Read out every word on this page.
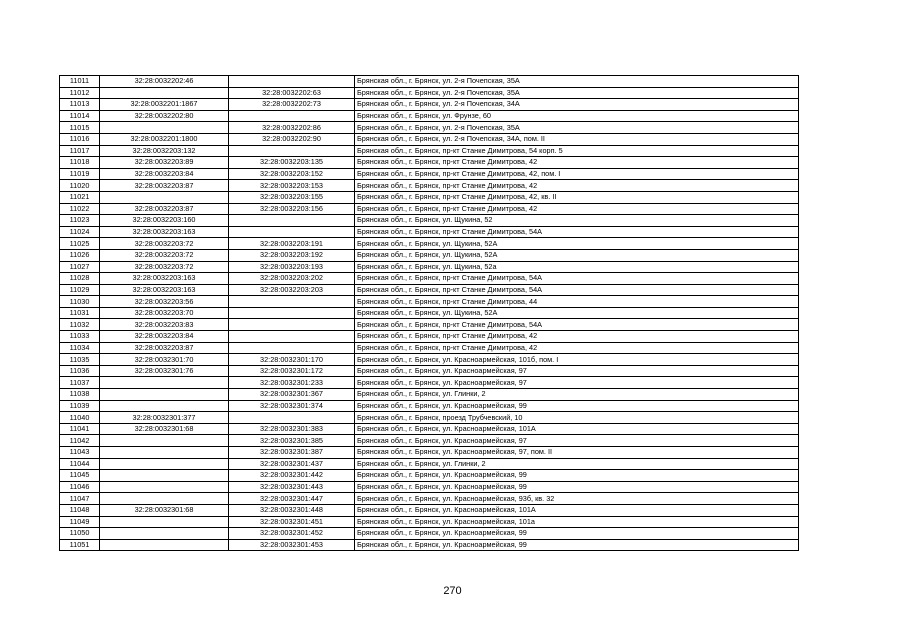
11011	32:28:0032202:46		Брянская обл., г. Брянск, ул. 2-я Почепская, 35А
11012		32:28:0032202:63	Брянская обл., г. Брянск, ул. 2-я Почепская, 35А
11013	32:28:0032201:1867	32:28:0032202:73	Брянская обл., г. Брянск, ул. 2-я Почепская, 34А
11014	32:28:0032202:80		Брянская обл., г. Брянск, ул. Фрунзе, 60
11015		32:28:0032202:86	Брянская обл., г. Брянск, ул. 2-я Почепская, 35А
11016	32:28:0032201:1800	32:28:0032202:90	Брянская обл., г. Брянск, ул. 2-я Почепская, 34А, пом. II
11017	32:28:0032203:132		Брянская обл., г. Брянск, пр-кт Станке Димитрова, 54 корп. 5
11018	32:28:0032203:89	32:28:0032203:135	Брянская обл., г. Брянск, пр-кт Станке Димитрова, 42
11019	32:28:0032203:84	32:28:0032203:152	Брянская обл., г. Брянск, пр-кт Станке Димитрова, 42, пом. I
11020	32:28:0032203:87	32:28:0032203:153	Брянская обл., г. Брянск, пр-кт Станке Димитрова, 42
11021		32:28:0032203:155	Брянская обл., г. Брянск, пр-кт Станке Димитрова, 42, кв. II
11022	32:28:0032203:87	32:28:0032203:156	Брянская обл., г. Брянск, пр-кт Станке Димитрова, 42
11023	32:28:0032203:160		Брянская обл., г. Брянск, ул. Щукина, 52
11024	32:28:0032203:163		Брянская обл., г. Брянск, пр-кт Станке Димитрова, 54А
11025	32:28:0032203:72	32:28:0032203:191	Брянская обл., г. Брянск, ул. Щукина, 52А
11026	32:28:0032203:72	32:28:0032203:192	Брянская обл., г. Брянск, ул. Щукина, 52А
11027	32:28:0032203:72	32:28:0032203:193	Брянская обл., г. Брянск, ул. Щукина, 52а
11028	32:28:0032203:163	32:28:0032203:202	Брянская обл., г. Брянск, пр-кт Станке Димитрова, 54А
11029	32:28:0032203:163	32:28:0032203:203	Брянская обл., г. Брянск, пр-кт Станке Димитрова, 54А
11030	32:28:0032203:56		Брянская обл., г. Брянск, пр-кт Станке Димитрова, 44
11031	32:28:0032203:70		Брянская обл., г. Брянск, ул. Щукина, 52А
11032	32:28:0032203:83		Брянская обл., г. Брянск, пр-кт Станке Димитрова, 54А
11033	32:28:0032203:84		Брянская обл., г. Брянск, пр-кт Станке Димитрова, 42
11034	32:28:0032203:87		Брянская обл., г. Брянск, пр-кт Станке Димитрова, 42
11035	32:28:0032301:70	32:28:0032301:170	Брянская обл., г. Брянск, ул. Красноармейская, 101б, пом. I
11036	32:28:0032301:76	32:28:0032301:172	Брянская обл., г. Брянск, ул. Красноармейская, 97
11037		32:28:0032301:233	Брянская обл., г. Брянск, ул. Красноармейская, 97
11038		32:28:0032301:367	Брянская обл., г. Брянск, ул. Глинки, 2
11039		32:28:0032301:374	Брянская обл., г. Брянск, ул. Красноармейская, 99
11040	32:28:0032301:377		Брянская обл., г. Брянск, проезд Трубчевский, 10
11041	32:28:0032301:68	32:28:0032301:383	Брянская обл., г. Брянск, ул. Красноармейская, 101А
11042		32:28:0032301:385	Брянская обл., г. Брянск, ул. Красноармейская, 97
11043		32:28:0032301:387	Брянская обл., г. Брянск, ул. Красноармейская, 97, пом. II
11044		32:28:0032301:437	Брянская обл., г. Брянск, ул. Глинки, 2
11045		32:28:0032301:442	Брянская обл., г. Брянск, ул. Красноармейская, 99
11046		32:28:0032301:443	Брянская обл., г. Брянск, ул. Красноармейская, 99
11047		32:28:0032301:447	Брянская обл., г. Брянск, ул. Красноармейская, 93б, кв. 32
11048	32:28:0032301:68	32:28:0032301:448	Брянская обл., г. Брянск, ул. Красноармейская, 101А
11049		32:28:0032301:451	Брянская обл., г. Брянск, ул. Красноармейская, 101а
11050		32:28:0032301:452	Брянская обл., г. Брянск, ул. Красноармейская, 99
11051		32:28:0032301:453	Брянская обл., г. Брянск, ул. Красноармейская, 99
270
